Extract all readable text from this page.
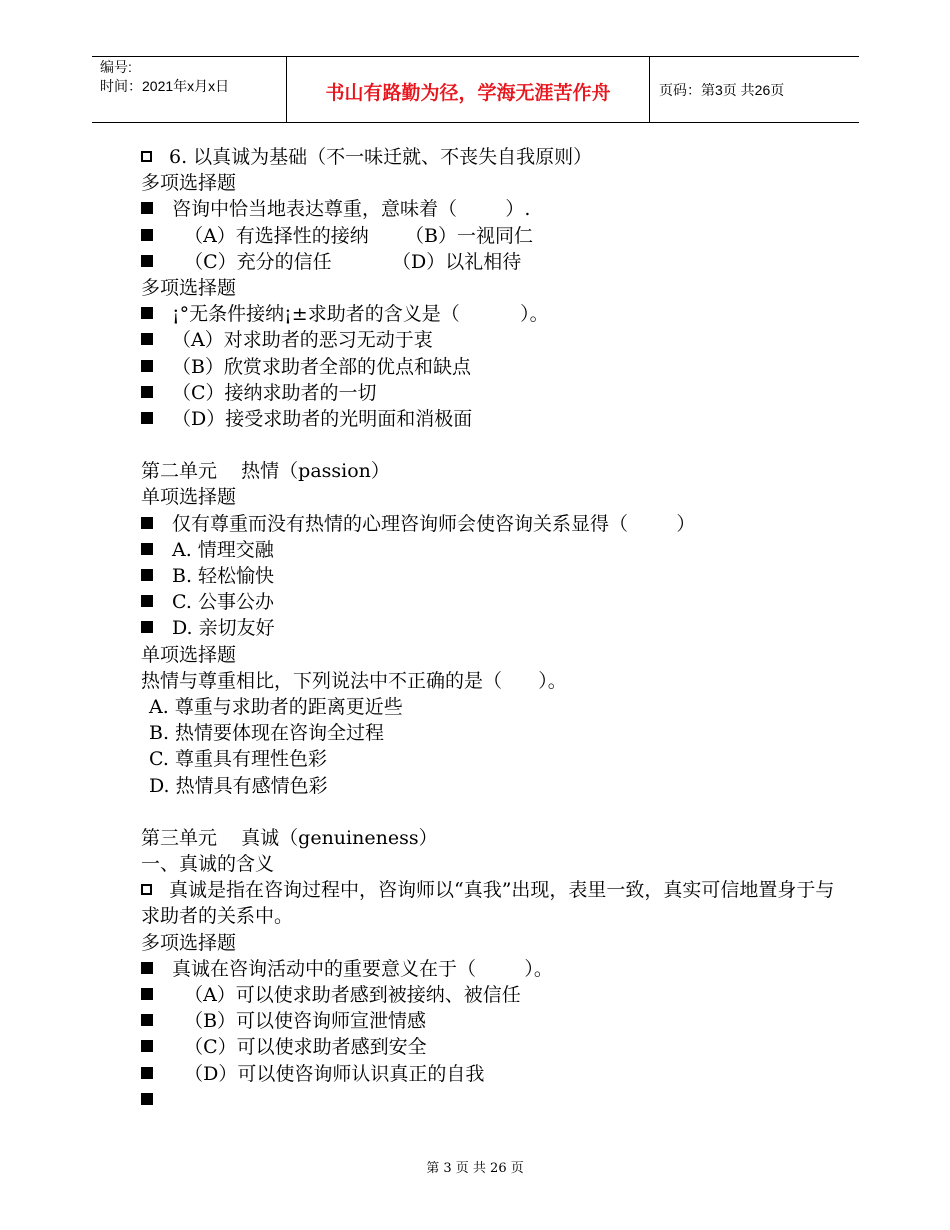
编号:
时间：2021年x月x日	书山有路勤为径，学海无涯苦作舟	页码：第3页 共26页
6. 以真诚为基础（不一味迁就、不丧失自我原则）
多项选择题
咨询中恰当地表达尊重，意味着（        ）.
（A）有选择性的接纳      （B）一视同仁
（C）充分的信任          （D）以礼相待
多项选择题
¡°无条件接纳¡±求助者的含义是（          ）。
（A）对求助者的恶习无动于衷
（B）欣赏求助者全部的优点和缺点
（C）接纳求助者的一切
（D）接受求助者的光明面和消极面
第二单元    热情（passion）
单项选择题
仅有尊重而没有热情的心理咨询师会使咨询关系显得（        ）
A. 情理交融
B. 轻松愉快
C. 公事公办
D. 亲切友好
单项选择题
热情与尊重相比，下列说法中不正确的是（      ）。
A. 尊重与求助者的距离更近些
B. 热情要体现在咨询全过程
C. 尊重具有理性色彩
D. 热情具有感情色彩
第三单元    真诚（genuineness）
一、真诚的含义
真诚是指在咨询过程中，咨询师以“真我”出现，表里一致，真实可信地置身于与求助者的关系中。
多项选择题
真诚在咨询活动中的重要意义在于（        ）。
（A）可以使求助者感到被接纳、被信任
（B）可以使咨询师宣泄情感
（C）可以使求助者感到安全
（D）可以使咨询师认识真正的自我
第 3 页 共 26 页
